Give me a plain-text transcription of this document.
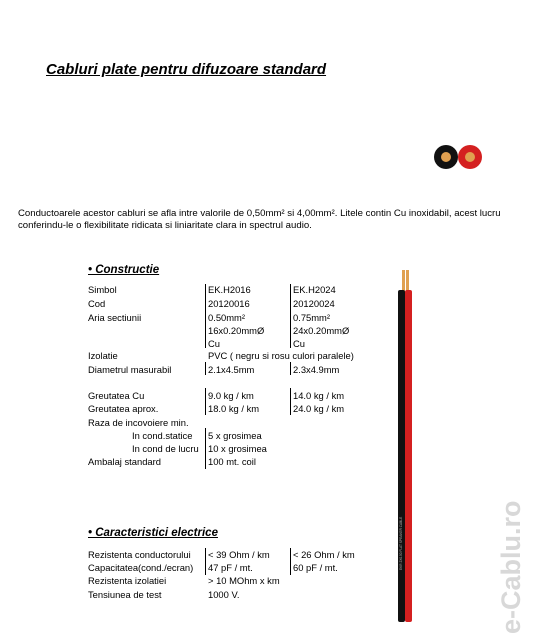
Cabluri plate pentru difuzoare standard
Conductoarele acestor cabluri se afla intre valorile de 0,50mm² si 4,00mm². Litele contin Cu inoxidabil, acest lucru conferindu-le o flexibilitate ridicata si liniaritate clara in spectrul audio.
• Constructie
Simbol	EK.H2016	EK.H2024
Cod	20120016	20120024
Aria sectiunii	0.50mm²	0.75mm²
16x0.20mmØ	24x0.20mmØ
Cu	Cu
Izolatie	PVC ( negru si rosu culori paralele)
Diametrul masurabil	2.1x4.5mm	2.3x4.9mm
Greutatea Cu	9.0 kg / km	14.0 kg / km
Greutatea aprox.	18.0 kg / km	24.0 kg / km
Raza de incovoiere min.
In cond.statice 5 x grosimea
In cond de lucru 10 x grosimea
Ambalaj standard	100 mt. coil
• Caracteristici electrice
Rezistenta conductorului < 39 Ohm / km < 26 Ohm / km
Capacitatea(cond./ecran) 47 pF / mt.	60 pF / mt.
Rezistenta izolatiei	> 10 MOhm x km
Tensiunea de test	1000 V.
EKR 2X0.50 FLAT SPEAKER CABLE	e-Cablu.ro
